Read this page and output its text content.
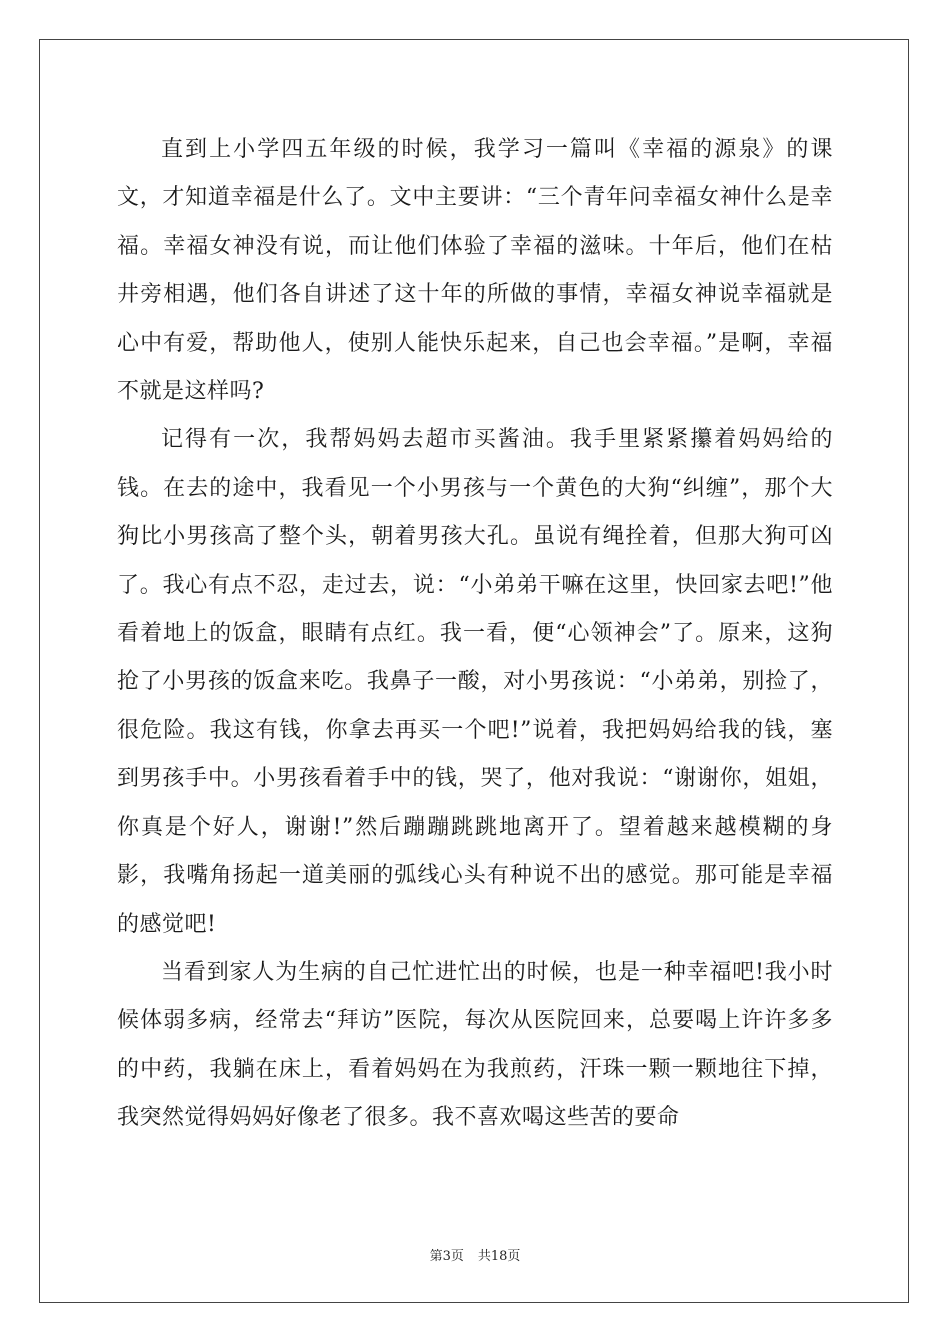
直到上小学四五年级的时候，我学习一篇叫《幸福的源泉》的课文，才知道幸福是什么了。文中主要讲：“三个青年问幸福女神什么是幸福。幸福女神没有说，而让他们体验了幸福的滋味。十年后，他们在枯井旁相遇，他们各自讲述了这十年的所做的事情，幸福女神说幸福就是心中有爱，帮助他人，使别人能快乐起来，自己也会幸福。”是啊，幸福不就是这样吗?

记得有一次，我帮妈妈去超市买酱油。我手里紧紧攥着妈妈给的钱。在去的途中，我看见一个小男孩与一个黄色的大狗“纠缠”，那个大狗比小男孩高了整个头，朝着男孩大孔。虽说有绳拴着，但那大狗可凶了。我心有点不忍，走过去，说：“小弟弟干嘛在这里，快回家去吧!”他看着地上的饭盒，眼睛有点红。我一看，便“心领神会”了。原来，这狗抢了小男孩的饭盒来吃。我鼻子一酸，对小男孩说：“小弟弟，别捡了，很危险。我这有钱，你拿去再买一个吧!”说着，我把妈妈给我的钱，塞到男孩手中。小男孩看着手中的钱，哭了，他对我说：“谢谢你，姐姐，你真是个好人，谢谢!”然后蹦蹦跳跳地离开了。望着越来越模糊的身影，我嘴角扬起一道美丽的弧线心头有种说不出的感觉。那可能是幸福的感觉吧!

当看到家人为生病的自己忙进忙出的时候，也是一种幸福吧!我小时候体弱多病，经常去“拜访”医院，每次从医院回来，总要喝上许许多多的中药，我躺在床上，看着妈妈在为我煎药，汗珠一颗一颗地往下掉，我突然觉得妈妈好像老了很多。我不喜欢喝这些苦的要命

第3页 共18页
